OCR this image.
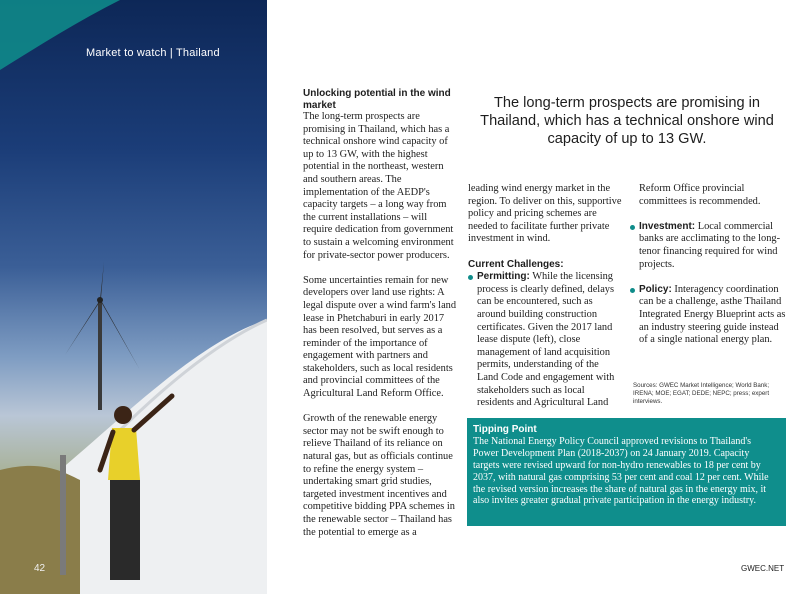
Market to watch | Thailand
42
Unlocking potential in the wind market

The long-term prospects are promising in Thailand, which has a technical onshore wind capacity of up to 13 GW, with the highest potential in the northeast, western and southern areas. The implementation of the AEDP's capacity targets – a long way from the current installations – will require dedication from government to sustain a welcoming environment for private-sector power producers.

Some uncertainties remain for new developers over land use rights: A legal dispute over a wind farm's land lease in Phetchaburi in early 2017 has been resolved, but serves as a reminder of the importance of engagement with partners and stakeholders, such as local residents and provincial committees of the Agricultural Land Reform Office.

Growth of the renewable energy sector may not be swift enough to relieve Thailand of its reliance on natural gas, but as officials continue to refine the energy system – undertaking smart grid studies, targeted investment incentives and competitive bidding PPA schemes in the renewable sector – Thailand has the potential to emerge as a

The long-term prospects are promising in Thailand, which has a technical onshore wind capacity of up to 13 GW.

leading wind energy market in the region. To deliver on this, supportive policy and pricing schemes are needed to facilitate further private investment in wind.

Current Challenges:
Permitting: While the licensing process is clearly defined, delays can be encountered, such as around building construction certificates. Given the 2017 land lease dispute (left), close management of land acquisition permits, understanding of the Land Code and engagement with stakeholders such as local residents and Agricultural Land

Reform Office provincial committees is recommended.

Investment: Local commercial banks are acclimating to the long-tenor financing required for wind projects.
Policy: Interagency coordination can be a challenge, asthe Thailand Integrated Energy Blueprint acts as an industry steering guide instead of a single national energy plan.
Sources: GWEC Market Intelligence; World Bank; IRENA; MOE; EGAT; DEDE; NEPC; press; expert interviews.
Tipping Point
The National Energy Policy Council approved revisions to Thailand's Power Development Plan (2018-2037) on 24 January 2019. Capacity targets were revised upward for non-hydro renewables to 18 per cent by 2037, with natural gas comprising 53 per cent and coal 12 per cent. While the revised version increases the share of natural gas in the energy mix, it also invites greater gradual private participation in the energy industry.
GWEC.NET
